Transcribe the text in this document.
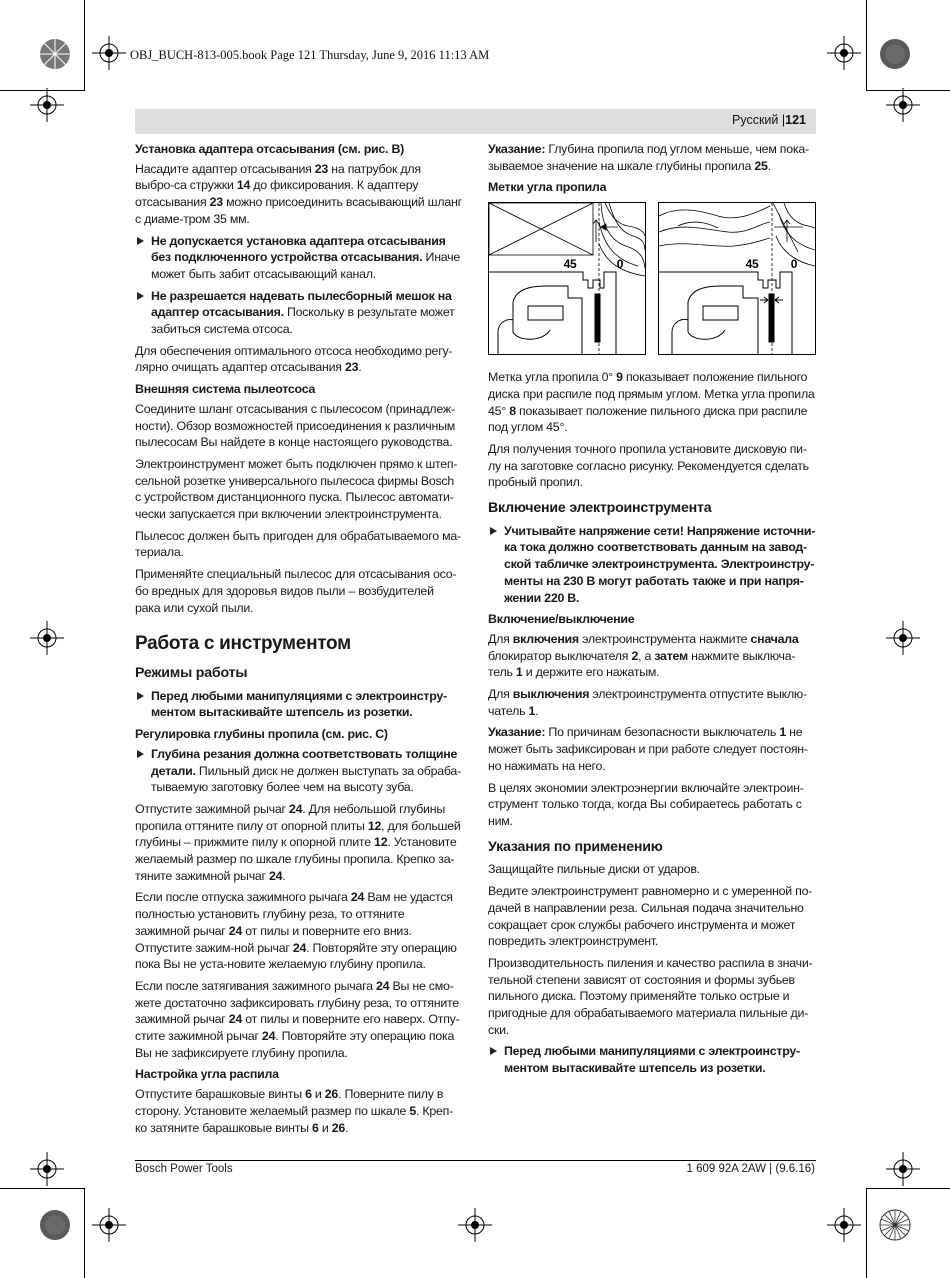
OBJ_BUCH-813-005.book Page 121 Thursday, June 9, 2016 11:13 AM
Русский |121
Установка адаптера отсасывания (см. рис. B)

Насадите адаптер отсасывания 23 на патрубок для выбро-са стружки 14 до фиксирования. К адаптеру отсасывания 23 можно присоединить всасывающий шланг с диаме-тром 35 мм.

Не допускается установка адаптера отсасывания без подключенного устройства отсасывания. Иначе может быть забит отсасывающий канал.
Не разрешается надевать пылесборный мешок на адаптер отсасывания. Поскольку в результате может забиться система отсоса.

Для обеспечения оптимального отсоса необходимо регу-лярно очищать адаптер отсасывания 23.

Внешняя система пылеотсоса

Соедините шланг отсасывания с пылесосом (принадлеж-ности). Обзор возможностей присоединения к различным пылесосам Вы найдете в конце настоящего руководства.

Электроинструмент может быть подключен прямо к штеп-сельной розетке универсального пылесоса фирмы Bosch с устройством дистанционного пуска. Пылесос автомати-чески запускается при включении электроинструмента.

Пылесос должен быть пригоден для обрабатываемого ма-териала.

Применяйте специальный пылесос для отсасывания осо-бо вредных для здоровья видов пыли – возбудителей рака или сухой пыли.

Работа с инструментом
Режимы работы
Перед любыми манипуляциями с электроинстру-ментом вытаскивайте штепсель из розетки.
Регулировка глубины пропила (см. рис. С)
Глубина резания должна соответствовать толщине детали. Пильный диск не должен выступать за обраба-тываемую заготовку более чем на высоту зуба.

Отпустите зажимной рычаг 24. Для небольшой глубины пропила оттяните пилу от опорной плиты 12, для большей глубины – прижмите пилу к опорной плите 12. Установите желаемый размер по шкале глубины пропила. Крепко за-тяните зажимной рычаг 24.

Если после отпуска зажимного рычага 24 Вам не удастся полностью установить глубину реза, то оттяните зажимной рычаг 24 от пилы и поверните его вниз. Отпустите зажим-ной рычаг 24. Повторяйте эту операцию пока Вы не уста-новите желаемую глубину пропила.

Если после затягивания зажимного рычага 24 Вы не смо-жете достаточно зафиксировать глубину реза, то оттяните зажимной рычаг 24 от пилы и поверните его наверх. Отпу-стите зажимной рычаг 24. Повторяйте эту операцию пока Вы не зафиксируете глубину пропила.

Настройка угла распила

Отпустите барашковые винты 6 и 26. Поверните пилу в сторону. Установите желаемый размер по шкале 5. Креп-ко затяните барашковые винты 6 и 26.

Указание: Глубина пропила под углом меньше, чем пока-зываемое значение на шкале глубины пропила 25.

Метки угла пропила
45	0	45	0

Метка угла пропила 0° 9 показывает положение пильного диска при распиле под прямым углом. Метка угла пропила 45° 8 показывает положение пильного диска при распиле под углом 45°.

Для получения точного пропила установите дисковую пи-лу на заготовке согласно рисунку. Рекомендуется сделать пробный пропил.

Включение электроинструмента
Учитывайте напряжение сети! Напряжение источни-ка тока должно соответствовать данным на завод-ской табличке электроинструмента. Электроинстру-менты на 230 В могут работать также и при напря-жении 220 В.
Включение/выключение

Для включения электроинструмента нажмите сначала блокиратор выключателя 2, а затем нажмите выключа-тель 1 и держите его нажатым.

Для выключения электроинструмента отпустите выклю-чатель 1.

Указание: По причинам безопасности выключатель 1 не может быть зафиксирован и при работе следует постоян-но нажимать на него.

В целях экономии электроэнергии включайте электроин-струмент только тогда, когда Вы собираетесь работать с ним.

Указания по применению

Защищайте пильные диски от ударов.

Ведите электроинструмент равномерно и с умеренной по-дачей в направлении реза. Сильная подача значительно сокращает срок службы рабочего инструмента и может повредить электроинструмент.

Производительность пиления и качество распила в значи-тельной степени зависят от состояния и формы зубьев пильного диска. Поэтому применяйте только острые и пригодные для обрабатываемого материала пильные ди-ски.

Перед любыми манипуляциями с электроинстру-ментом вытаскивайте штепсель из розетки.
Bosch Power Tools	1 609 92A 2AW | (9.6.16)
